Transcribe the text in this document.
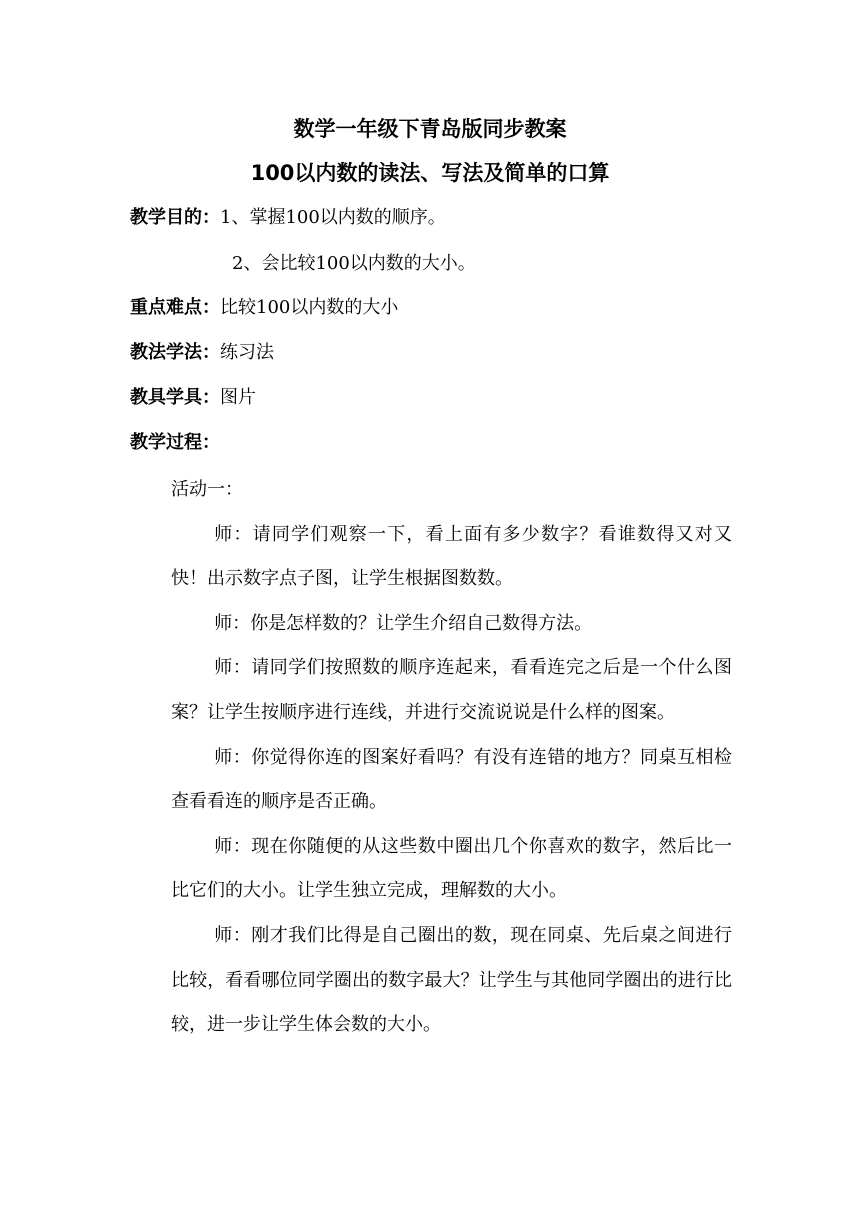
数学一年级下青岛版同步教案
100以内数的读法、写法及简单的口算
教学目的：1、掌握100以内数的顺序。
2、会比较100以内数的大小。
重点难点：比较100以内数的大小
教法学法：练习法
教具学具：图片
教学过程：

活动一：

师：请同学们观察一下，看上面有多少数字？看谁数得又对又快！出示数字点子图，让学生根据图数数。

师：你是怎样数的？让学生介绍自己数得方法。

师：请同学们按照数的顺序连起来，看看连完之后是一个什么图案？让学生按顺序进行连线，并进行交流说说是什么样的图案。

师：你觉得你连的图案好看吗？有没有连错的地方？同桌互相检查看看连的顺序是否正确。

师：现在你随便的从这些数中圈出几个你喜欢的数字，然后比一比它们的大小。让学生独立完成，理解数的大小。

师：刚才我们比得是自己圈出的数，现在同桌、先后桌之间进行比较，看看哪位同学圈出的数字最大？让学生与其他同学圈出的进行比较，进一步让学生体会数的大小。
